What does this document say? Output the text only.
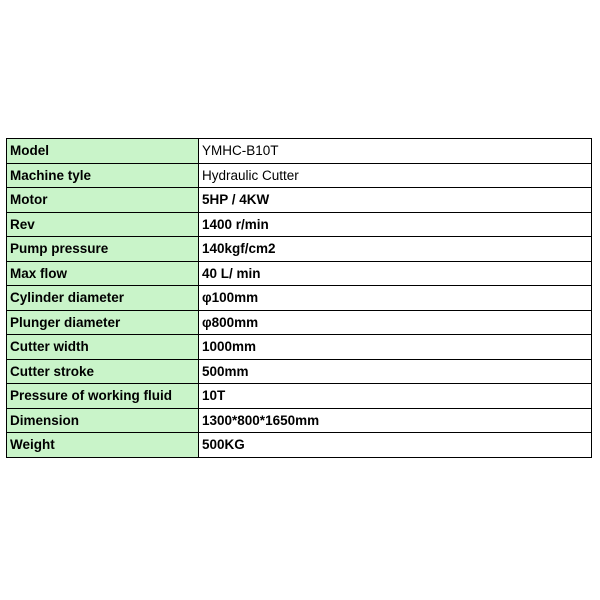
Model	YMHC-B10T
Machine tyle	Hydraulic Cutter
Motor	5HP / 4KW
Rev	1400 r/min
Pump pressure	140kgf/cm2
Max flow	40 L/ min
Cylinder diameter	φ100mm
Plunger diameter	φ800mm
Cutter width	1000mm
Cutter stroke	500mm
Pressure of working fluid	10T
Dimension	1300*800*1650mm
Weight	500KG
